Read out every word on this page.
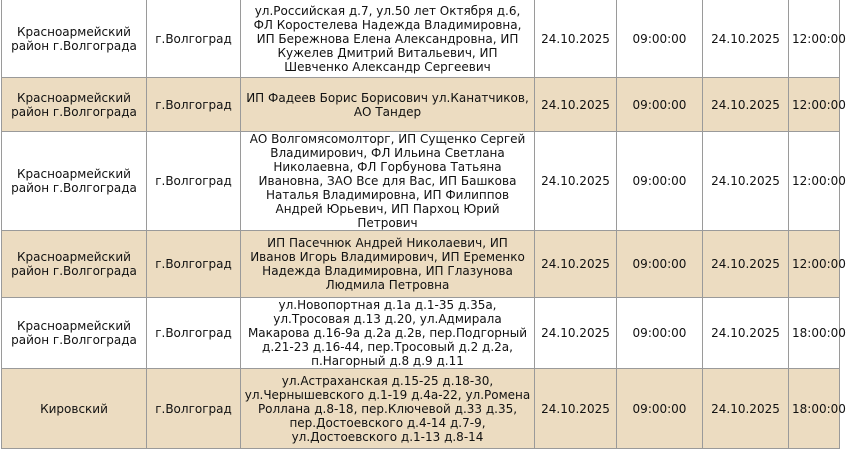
Красноармейский район г.Волгограда	г.Волгоград	ул.Российская д.7, ул.50 лет Октября д.6, ФЛ Коростелева Надежда Владимировна, ИП Бережнова Елена Александровна, ИП Кужелев Дмитрий Витальевич, ИП Шевченко Александр Сергеевич	24.10.2025	09:00:00	24.10.2025	12:00:00
Красноармейский район г.Волгограда	г.Волгоград	ИП Фадеев Борис Борисович ул.Канатчиков, АО Тандер	24.10.2025	09:00:00	24.10.2025	12:00:00
Красноармейский район г.Волгограда	г.Волгоград	АО Волгомясомолторг, ИП Сущенко Сергей Владимирович, ФЛ Ильина Светлана Николаевна, ФЛ Горбунова Татьяна Ивановна, ЗАО Все для Вас, ИП Башкова Наталья Владимировна, ИП Филиппов Андрей Юрьевич, ИП Пархоц Юрий Петрович	24.10.2025	09:00:00	24.10.2025	12:00:00
Красноармейский район г.Волгограда	г.Волгоград	ИП Пасечнюк Андрей Николаевич, ИП Иванов Игорь Владимирович, ИП Еременко Надежда Владимировна, ИП Глазунова Людмила Петровна	24.10.2025	09:00:00	24.10.2025	12:00:00
Красноармейский район г.Волгограда	г.Волгоград	ул.Новопортная д.1а д.1-35 д.35а, ул.Тросовая д.13 д.20, ул.Адмирала Макарова д.16-9а д.2а д.2в, пер.Подгорный д.21-23 д.16-44, пер.Тросовый д.2 д.2а, п.Нагорный д.8 д.9 д.11	24.10.2025	09:00:00	24.10.2025	18:00:00
Кировский	г.Волгоград	ул.Астраханская д.15-25 д.18-30, ул.Чернышевского д.1-19 д.4а-22, ул.Ромена Роллана д.8-18, пер.Ключевой д.33 д.35, пер.Достоевского д.4-14 д.7-9, ул.Достоевского д.1-13 д.8-14	24.10.2025	09:00:00	24.10.2025	18:00:00
